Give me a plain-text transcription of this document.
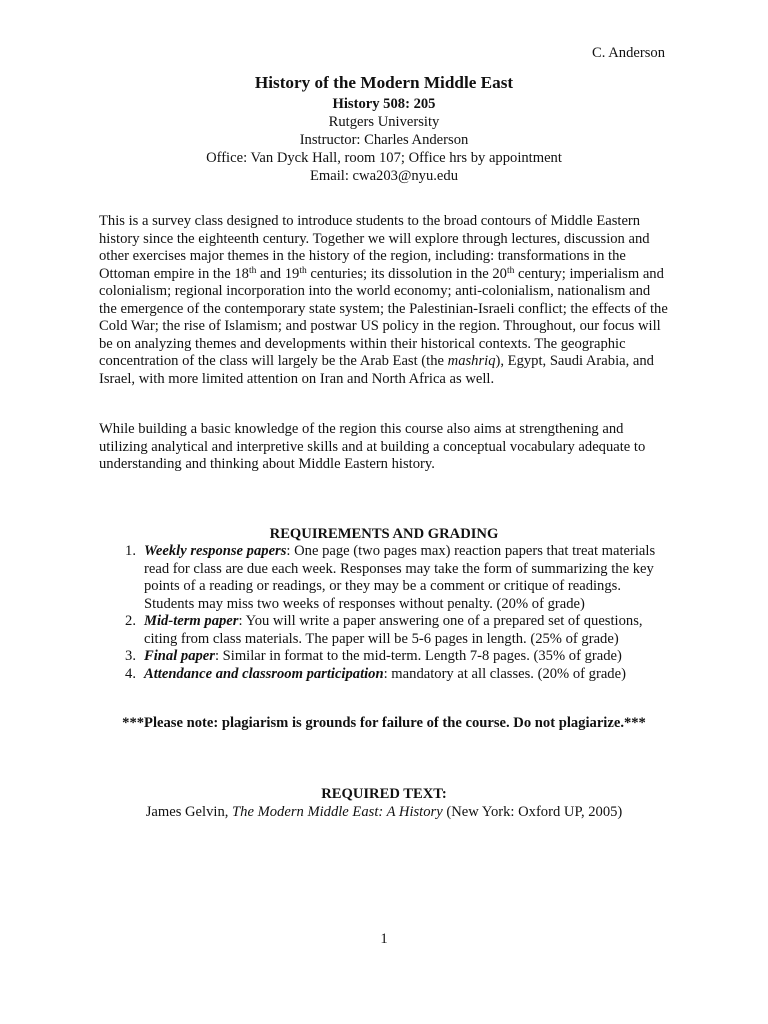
C. Anderson
History of the Modern Middle East
History 508: 205
Rutgers University
Instructor: Charles Anderson
Office: Van Dyck Hall, room 107; Office hrs by appointment
Email: cwa203@nyu.edu

This is a survey class designed to introduce students to the broad contours of Middle Eastern history since the eighteenth century. Together we will explore through lectures, discussion and other exercises major themes in the history of the region, including: transformations in the Ottoman empire in the 18th and 19th centuries; its dissolution in the 20th century; imperialism and colonialism; regional incorporation into the world economy; anti-colonialism, nationalism and the emergence of the contemporary state system; the Palestinian-Israeli conflict; the effects of the Cold War; the rise of Islamism; and postwar US policy in the region. Throughout, our focus will be on analyzing themes and developments within their historical contexts. The geographic concentration of the class will largely be the Arab East (the mashriq), Egypt, Saudi Arabia, and Israel, with more limited attention on Iran and North Africa as well.

While building a basic knowledge of the region this course also aims at strengthening and utilizing analytical and interpretive skills and at building a conceptual vocabulary adequate to understanding and thinking about Middle Eastern history.

REQUIREMENTS AND GRADING
1. Weekly response papers: One page (two pages max) reaction papers that treat materials read for class are due each week. Responses may take the form of summarizing the key points of a reading or readings, or they may be a comment or critique of readings. Students may miss two weeks of responses without penalty. (20% of grade)
2. Mid-term paper: You will write a paper answering one of a prepared set of questions, citing from class materials. The paper will be 5-6 pages in length. (25% of grade)
3. Final paper: Similar in format to the mid-term. Length 7-8 pages. (35% of grade)
4. Attendance and classroom participation: mandatory at all classes. (20% of grade)
***Please note: plagiarism is grounds for failure of the course. Do not plagiarize.***
REQUIRED TEXT:
James Gelvin, The Modern Middle East: A History (New York: Oxford UP, 2005)
1
